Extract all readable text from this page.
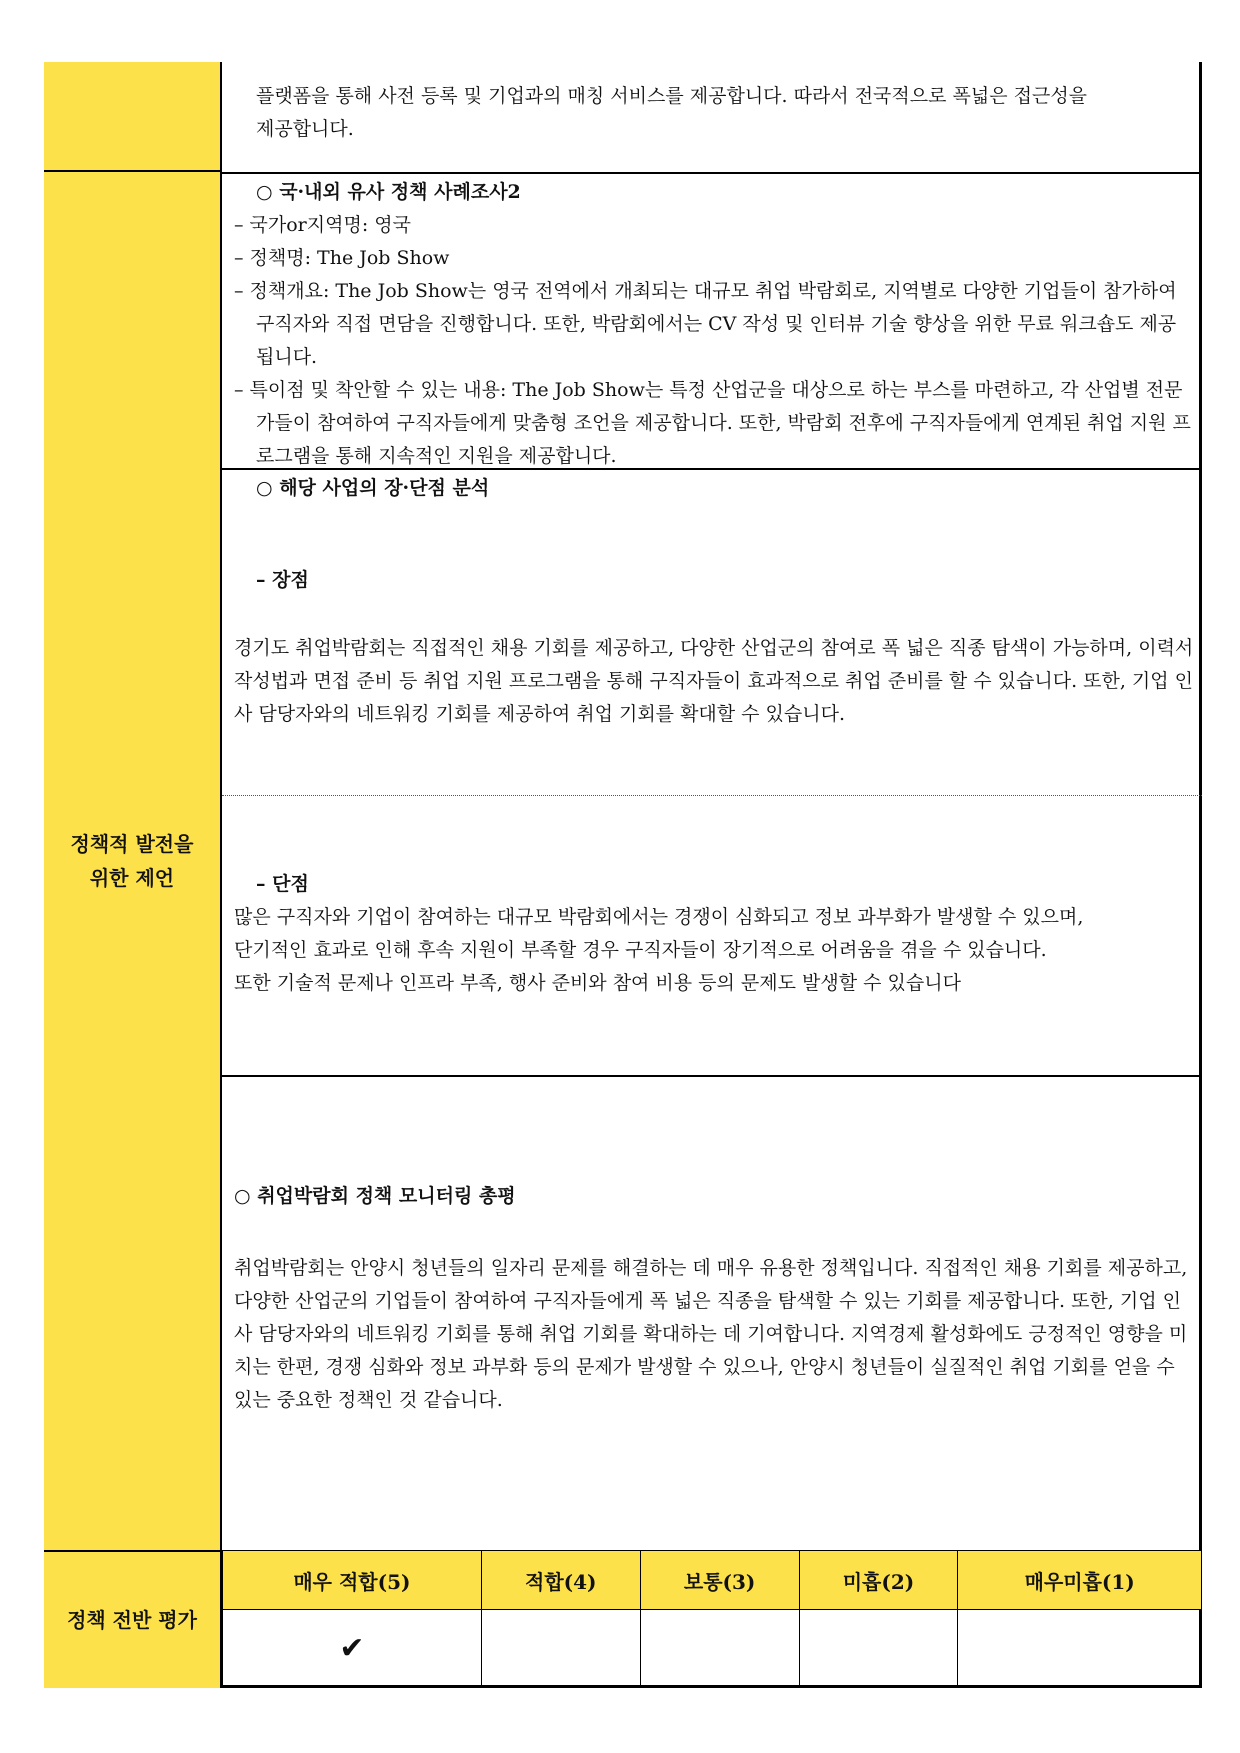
정책적 발전을
위한 제언
정책 전반 평가

플랫폼을 통해 사전 등록 및 기업과의 매칭 서비스를 제공합니다. 따라서 전국적으로 폭넓은 접근성을

제공합니다.

○ 국·내외 유사 정책 사례조사2

– 국가or지역명: 영국

– 정책명: The Job Show

– 정책개요: The Job Show는 영국 전역에서 개최되는 대규모 취업 박람회로, 지역별로 다양한 기업들이 참가하여 구직자와 직접 면담을 진행합니다. 또한, 박람회에서는 CV 작성 및 인터뷰 기술 향상을 위한 무료 워크숍도 제공됩니다.

– 특이점 및 착안할 수 있는 내용: The Job Show는 특정 산업군을 대상으로 하는 부스를 마련하고, 각 산업별 전문가들이 참여하여 구직자들에게 맞춤형 조언을 제공합니다. 또한, 박람회 전후에 구직자들에게 연계된 취업 지원 프로그램을 통해 지속적인 지원을 제공합니다.

○ 해당 사업의 장·단점 분석

– 장점

경기도 취업박람회는 직접적인 채용 기회를 제공하고, 다양한 산업군의 참여로 폭 넓은 직종 탐색이 가능하며, 이력서 작성법과 면접 준비 등 취업 지원 프로그램을 통해 구직자들이 효과적으로 취업 준비를 할 수 있습니다. 또한, 기업 인사 담당자와의 네트워킹 기회를 제공하여 취업 기회를 확대할 수 있습니다.

– 단점

많은 구직자와 기업이 참여하는 대규모 박람회에서는 경쟁이 심화되고 정보 과부화가 발생할 수 있으며,

단기적인 효과로 인해 후속 지원이 부족할 경우 구직자들이 장기적으로 어려움을 겪을 수 있습니다.

또한 기술적 문제나 인프라 부족, 행사 준비와 참여 비용 등의 문제도 발생할 수 있습니다

○ 취업박람회 정책 모니터링 총평

취업박람회는 안양시 청년들의 일자리 문제를 해결하는 데 매우 유용한 정책입니다. 직접적인 채용 기회를 제공하고, 다양한 산업군의 기업들이 참여하여 구직자들에게 폭 넓은 직종을 탐색할 수 있는 기회를 제공합니다. 또한, 기업 인사 담당자와의 네트워킹 기회를 통해 취업 기회를 확대하는 데 기여합니다. 지역경제 활성화에도 긍정적인 영향을 미치는 한편, 경쟁 심화와 정보 과부화 등의 문제가 발생할 수 있으나, 안양시 청년들이 실질적인 취업 기회를 얻을 수 있는 중요한 정책인 것 같습니다.

매우 적합(5)	적합(4)	보통(3)	미흡(2)	매우미흡(1)
✔				
